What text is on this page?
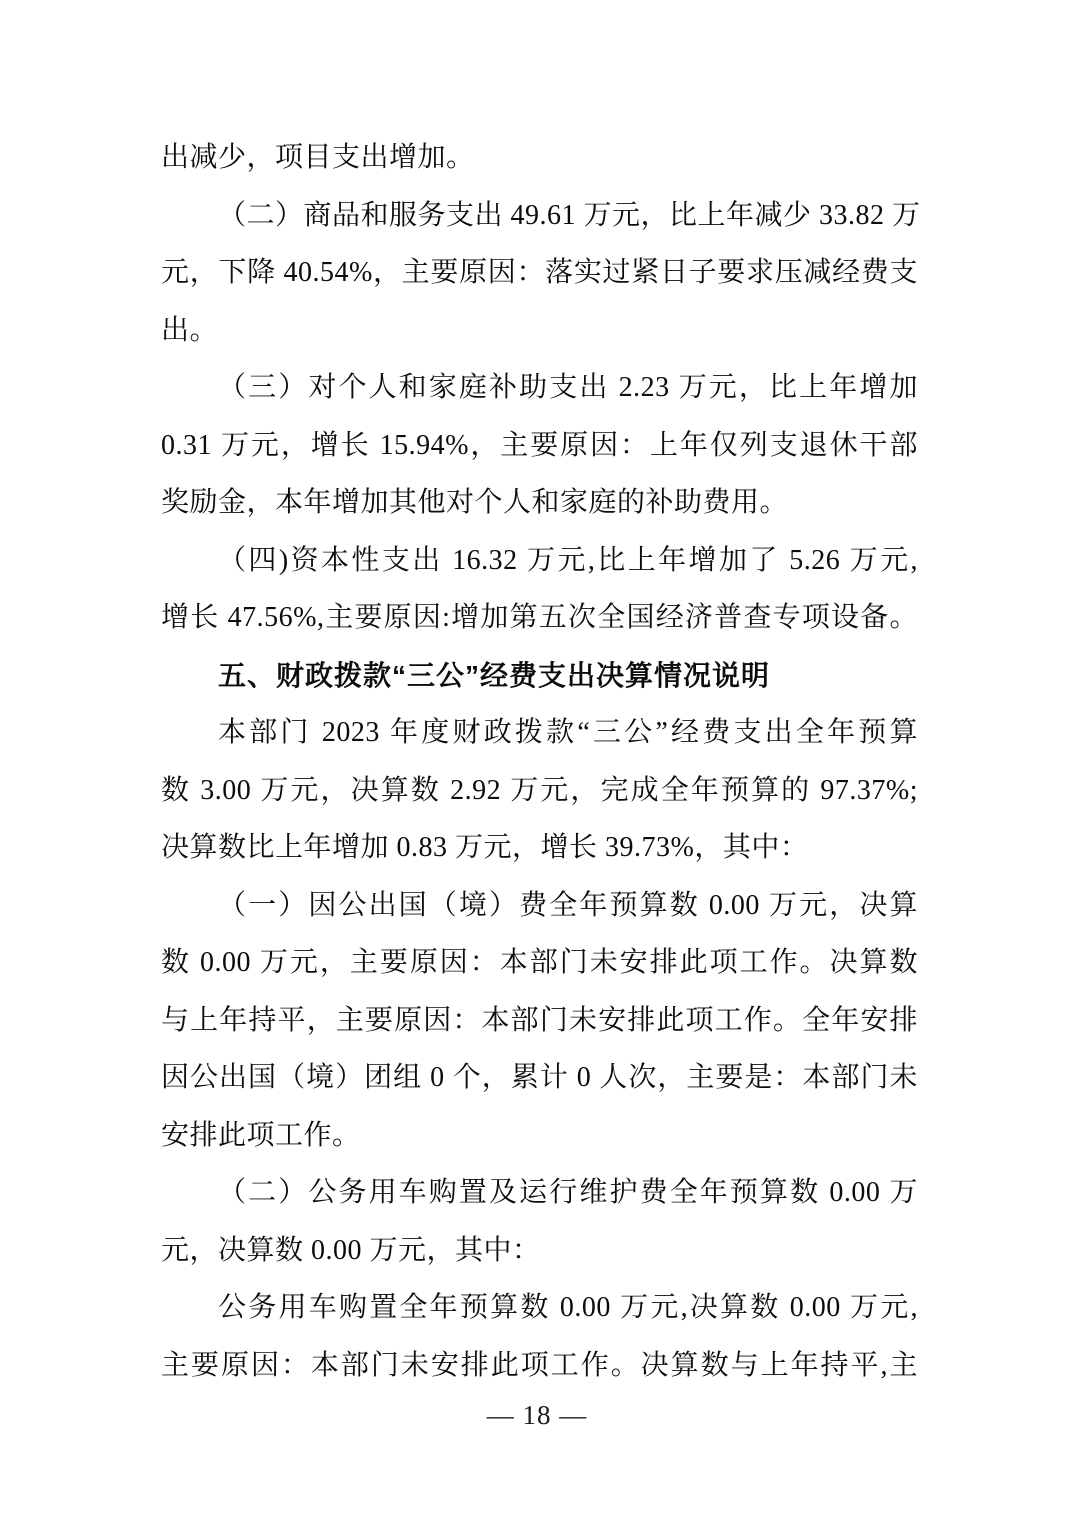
出减少，项目支出增加。
（二）商品和服务支出 49.61 万元，比上年减少 33.82 万
元，下降 40.54%，主要原因：落实过紧日子要求压减经费支
出。
（三）对个人和家庭补助支出 2.23 万元，比上年增加
0.31 万元，增长 15.94%，主要原因：上年仅列支退休干部
奖励金，本年增加其他对个人和家庭的补助费用。
（四)资本性支出 16.32 万元,比上年增加了 5.26 万元,
增长 47.56%,主要原因:增加第五次全国经济普查专项设备。
五、财政拨款“三公”经费支出决算情况说明
本部门 2023 年度财政拨款“三公”经费支出全年预算
数 3.00 万元，决算数 2.92 万元，完成全年预算的 97.37%;
决算数比上年增加 0.83 万元，增长 39.73%，其中：
（一）因公出国（境）费全年预算数 0.00 万元，决算
数 0.00 万元，主要原因：本部门未安排此项工作。决算数
与上年持平，主要原因：本部门未安排此项工作。全年安排
因公出国（境）团组 0 个，累计 0 人次，主要是：本部门未
安排此项工作。
（二）公务用车购置及运行维护费全年预算数 0.00 万
元，决算数 0.00 万元，其中：
公务用车购置全年预算数 0.00 万元,决算数 0.00 万元,
主要原因：本部门未安排此项工作。决算数与上年持平,主
— 18 —
